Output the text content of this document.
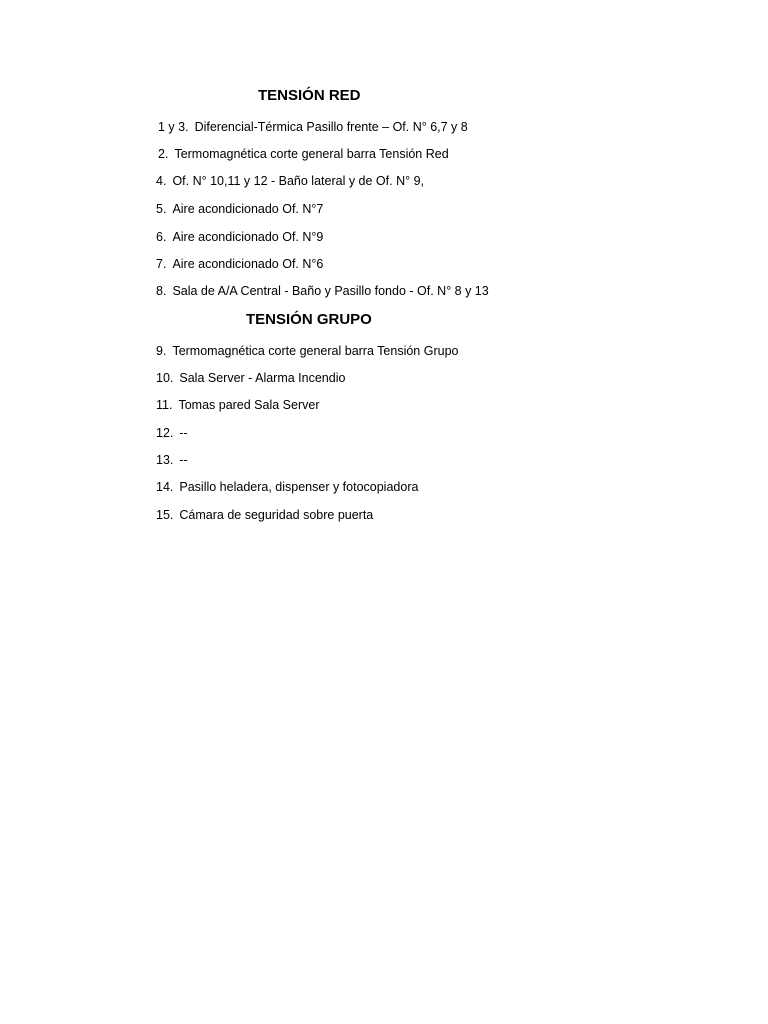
TENSIÓN RED
1 y 3. Diferencial-Térmica Pasillo frente – Of. N° 6,7 y 8
2. Termomagnética corte general barra Tensión Red
4. Of. N° 10,11 y 12 - Baño lateral y de Of. N° 9,
5. Aire acondicionado Of. N°7
6. Aire acondicionado Of. N°9
7. Aire acondicionado Of. N°6
8. Sala de A/A Central - Baño y Pasillo fondo - Of. N° 8 y 13
TENSIÓN GRUPO
9. Termomagnética corte general barra Tensión Grupo
10. Sala Server - Alarma Incendio
11. Tomas pared Sala Server
12. --
13. --
14. Pasillo heladera, dispenser y fotocopiadora
15. Cámara de seguridad sobre puerta
